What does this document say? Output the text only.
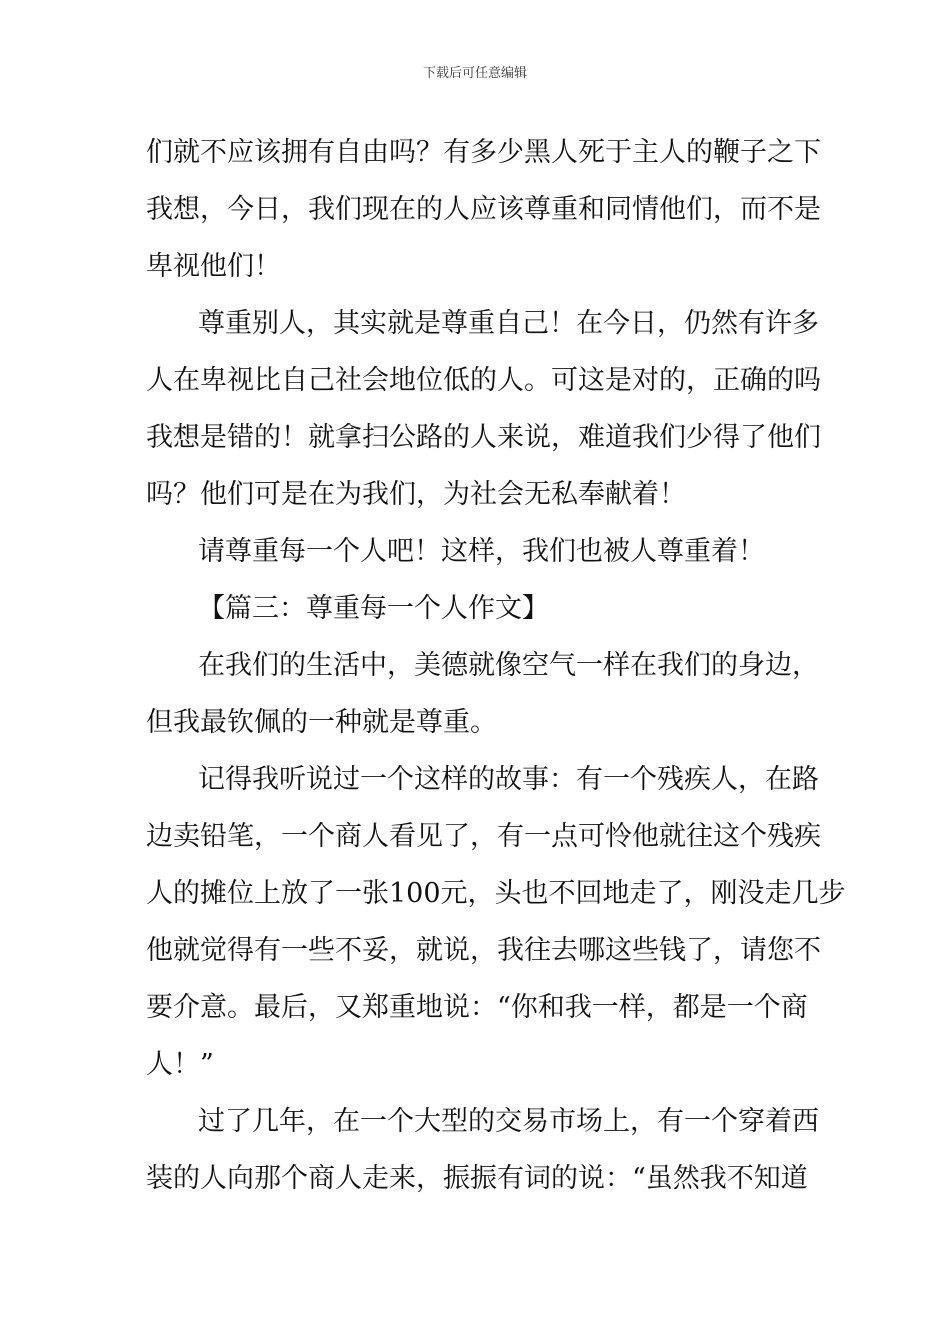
下载后可任意编辑
们就不应该拥有自由吗？有多少黑人死于主人的鞭子之下
我想，今日，我们现在的人应该尊重和同情他们，而不是
卑视他们！
尊重别人，其实就是尊重自己！在今日，仍然有许多
人在卑视比自己社会地位低的人。可这是对的，正确的吗
我想是错的！就拿扫公路的人来说，难道我们少得了他们
吗？他们可是在为我们，为社会无私奉献着！
请尊重每一个人吧！这样，我们也被人尊重着！
【篇三：尊重每一个人作文】
在我们的生活中，美德就像空气一样在我们的身边，
但我最钦佩的一种就是尊重。
记得我听说过一个这样的故事：有一个残疾人，在路
边卖铅笔，一个商人看见了，有一点可怜他就往这个残疾
人的摊位上放了一张100元，头也不回地走了，刚没走几步
他就觉得有一些不妥，就说，我往去哪这些钱了，请您不
要介意。最后，又郑重地说：“你和我一样，都是一个商
人！”
过了几年，在一个大型的交易市场上，有一个穿着西
装的人向那个商人走来，振振有词的说：“虽然我不知道
